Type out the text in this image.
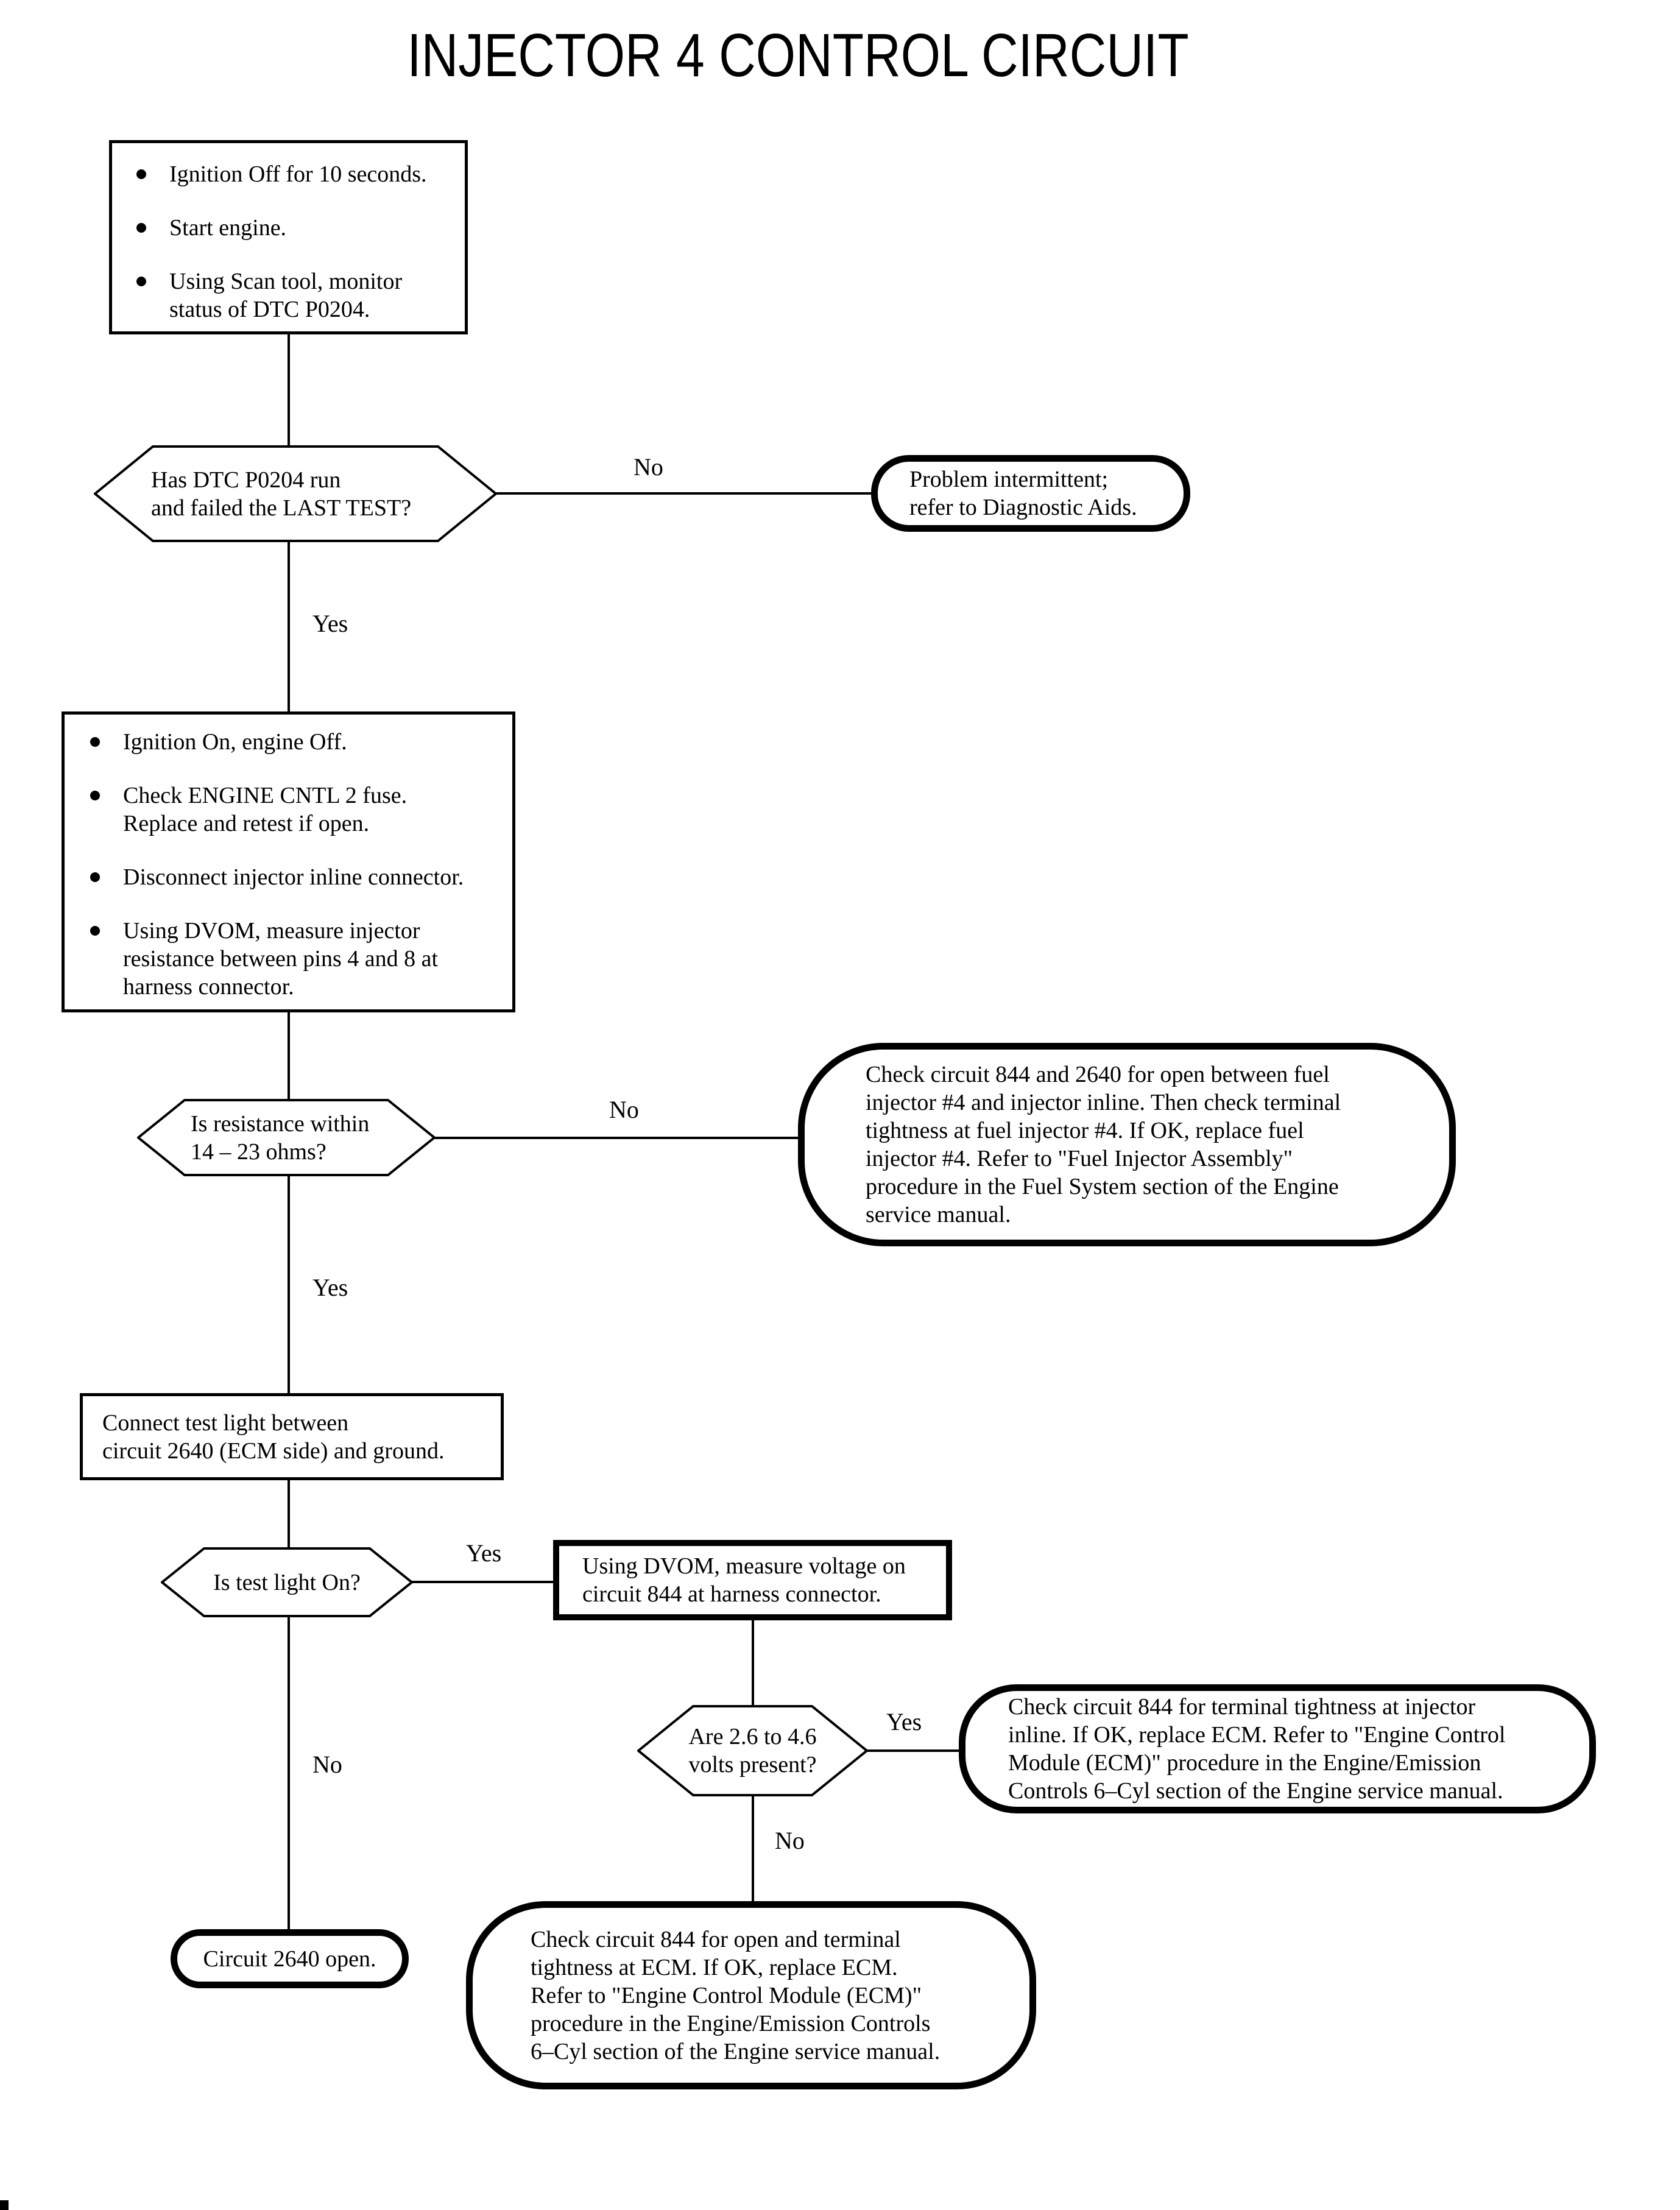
INJECTOR 4 CONTROL CIRCUIT
Ignition Off for 10 seconds.
Start engine.
Using Scan tool, monitor
status of DTC P0204.
Has DTC P0204 run
and failed the LAST TEST?
No	Problem intermittent;
refer to Diagnostic Aids.
Yes
Ignition On, engine Off.
Check ENGINE CNTL 2 fuse.
Replace and retest if open.
Disconnect injector inline connector.
Using DVOM, measure injector
resistance between pins 4 and 8 at
harness connector.
Is resistance within
14 – 23 ohms?
No
Check circuit 844 and 2640 for open between fuel
injector #4 and injector inline. Then check terminal
tightness at fuel injector #4. If OK, replace fuel
injector #4. Refer to "Fuel Injector Assembly"
procedure in the Fuel System section of the Engine
service manual.
Yes
Connect test light between
circuit 2640 (ECM side) and ground.
Is test light On?
Yes	Using DVOM, measure voltage on
circuit 844 at harness connector.
Are 2.6 to 4.6
volts present?
Yes
Check circuit 844 for terminal tightness at injector
inline. If OK, replace ECM. Refer to "Engine Control
Module (ECM)" procedure in the Engine/Emission
Controls 6–Cyl section of the Engine service manual.
No
No
Circuit 2640 open.
Check circuit 844 for open and terminal
tightness at ECM. If OK, replace ECM.
Refer to "Engine Control Module (ECM)"
procedure in the Engine/Emission Controls
6–Cyl section of the Engine service manual.
